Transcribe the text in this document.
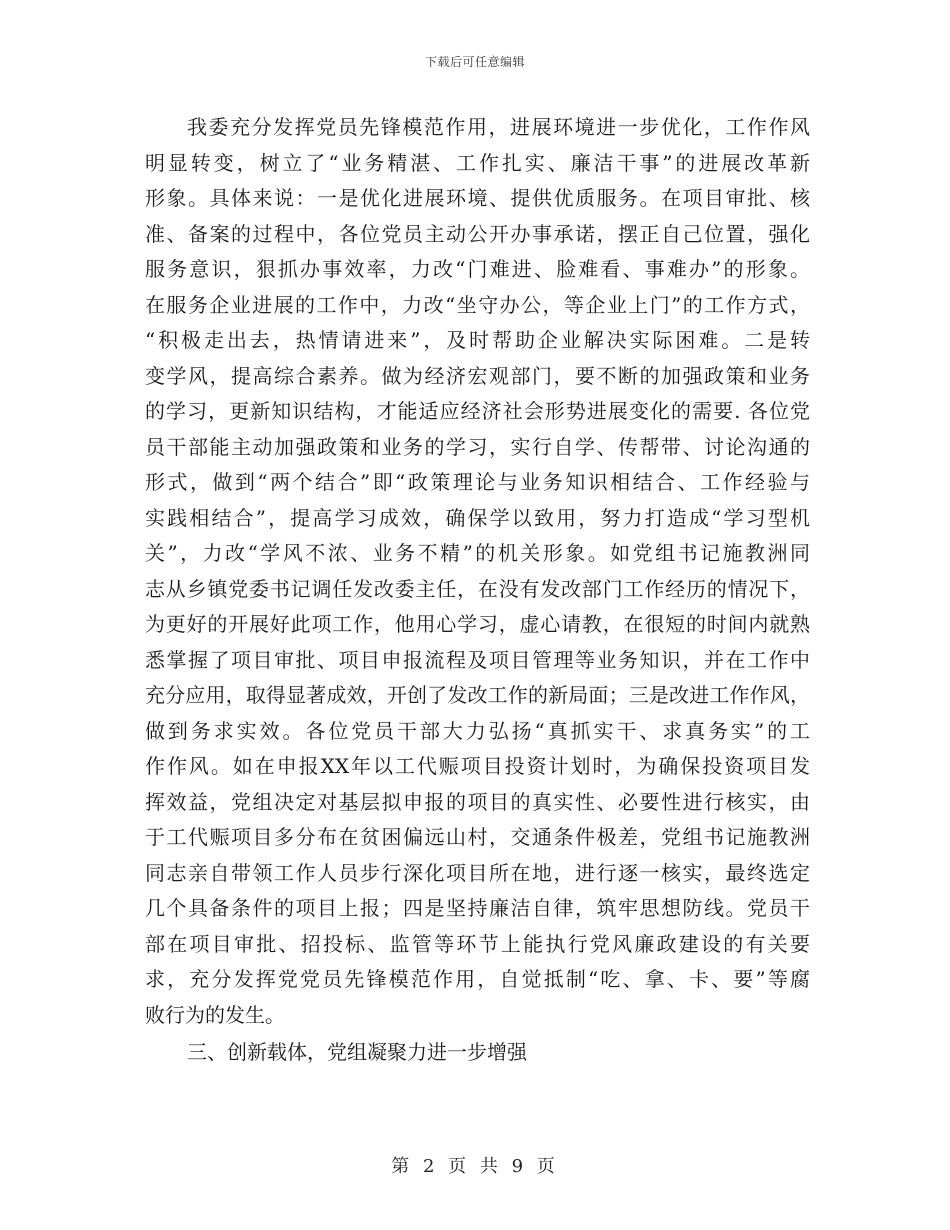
下载后可任意编辑
我委充分发挥党员先锋模范作用，进展环境进一步优化，工作作风
明显转变，树立了“业务精湛、工作扎实、廉洁干事”的进展改革新
形象。具体来说：一是优化进展环境、提供优质服务。在项目审批、核
准、备案的过程中，各位党员主动公开办事承诺，摆正自己位置，强化
服务意识，狠抓办事效率，力改“门难进、脸难看、事难办”的形象。
在服务企业进展的工作中，力改“坐守办公，等企业上门”的工作方式，
“积极走出去，热情请进来”，及时帮助企业解决实际困难。二是转
变学风，提高综合素养。做为经济宏观部门，要不断的加强政策和业务
的学习，更新知识结构，才能适应经济社会形势进展变化的需要. 各位党
员干部能主动加强政策和业务的学习，实行自学、传帮带、讨论沟通的
形式，做到“两个结合”即“政策理论与业务知识相结合、工作经验与
实践相结合”，提高学习成效，确保学以致用，努力打造成“学习型机
关”，力改“学风不浓、业务不精”的机关形象。如党组书记施教洲同
志从乡镇党委书记调任发改委主任，在没有发改部门工作经历的情况下，
为更好的开展好此项工作，他用心学习，虚心请教，在很短的时间内就熟
悉掌握了项目审批、项目申报流程及项目管理等业务知识，并在工作中
充分应用，取得显著成效，开创了发改工作的新局面；三是改进工作作风，
做到务求实效。各位党员干部大力弘扬“真抓实干、求真务实”的工
作作风。如在申报XX年以工代赈项目投资计划时，为确保投资项目发
挥效益，党组决定对基层拟申报的项目的真实性、必要性进行核实，由
于工代赈项目多分布在贫困偏远山村，交通条件极差，党组书记施教洲
同志亲自带领工作人员步行深化项目所在地，进行逐一核实，最终选定
几个具备条件的项目上报；四是坚持廉洁自律，筑牢思想防线。党员干
部在项目审批、招投标、监管等环节上能执行党风廉政建设的有关要
求，充分发挥党党员先锋模范作用，自觉抵制“吃、拿、卡、要”等腐
败行为的发生。
三、创新载体，党组凝聚力进一步增强
第 2 页 共 9 页
